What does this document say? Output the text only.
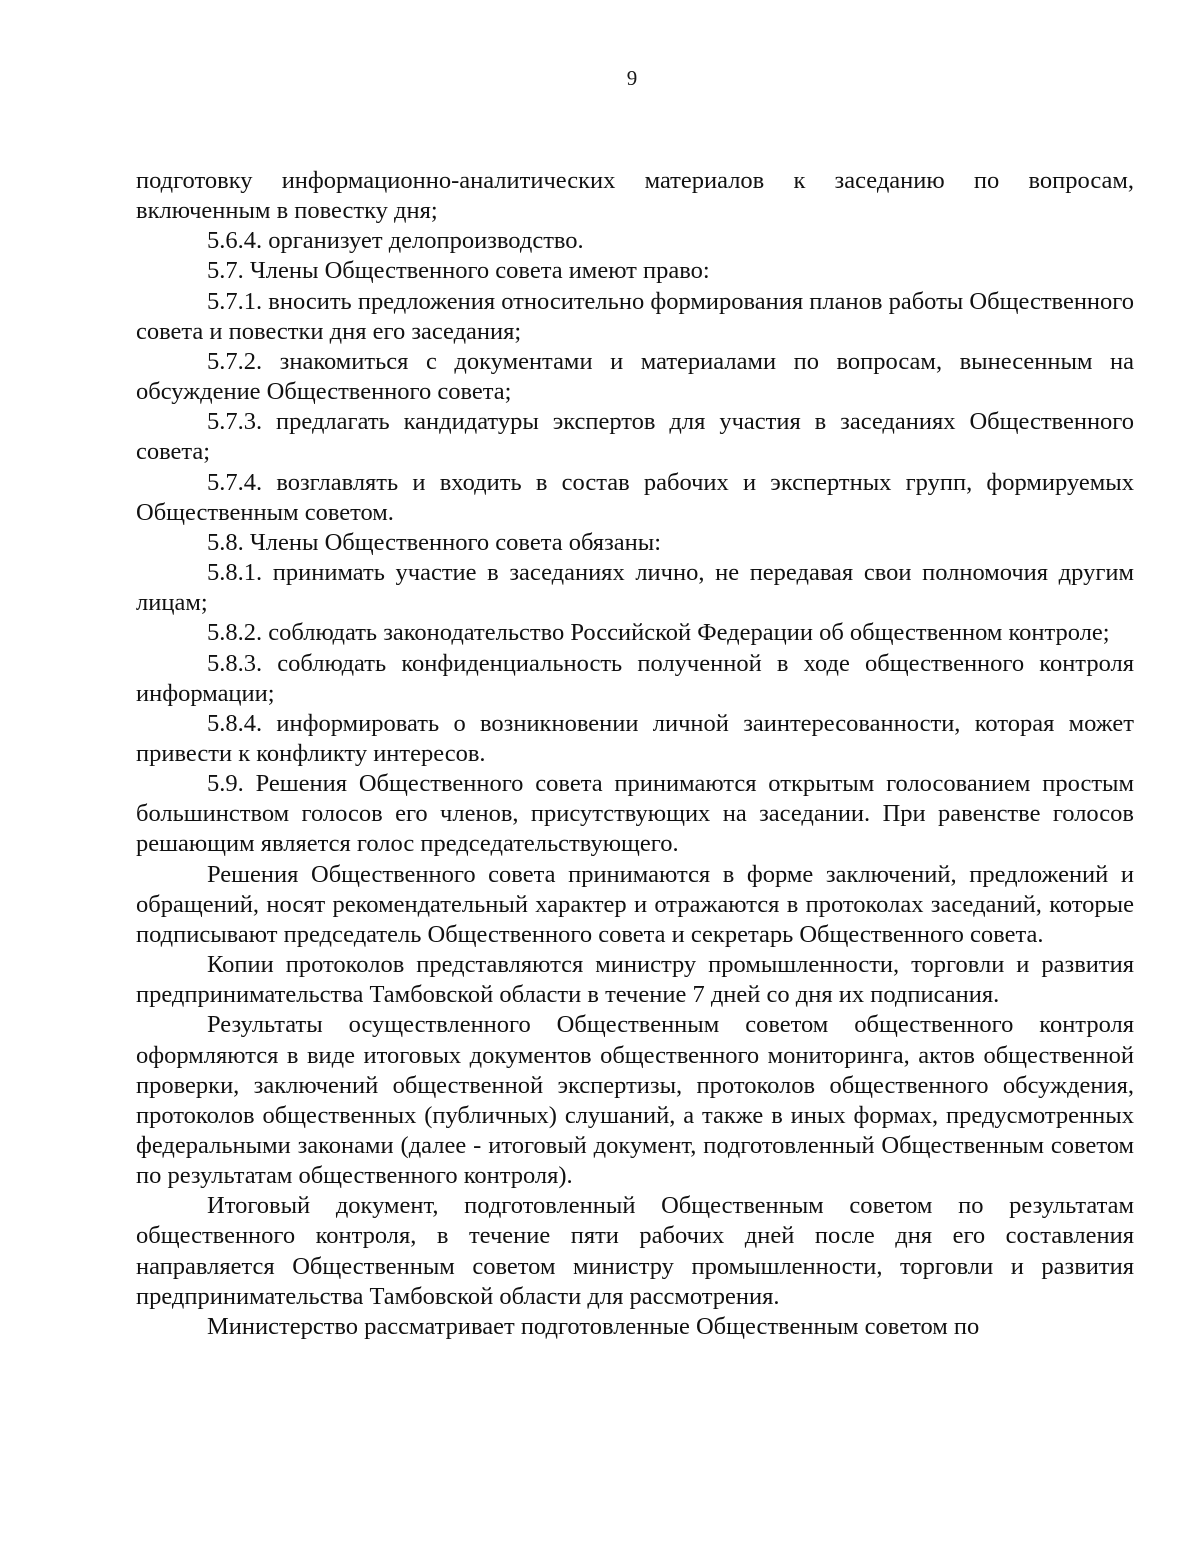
9

подготовку информационно-аналитических материалов к заседанию по вопросам, включенным в повестку дня;

5.6.4. организует делопроизводство.

5.7. Члены Общественного совета имеют право:

5.7.1. вносить предложения относительно формирования планов работы Общественного совета и повестки дня его заседания;

5.7.2. знакомиться с документами и материалами по вопросам, вынесенным на обсуждение Общественного совета;

5.7.3. предлагать кандидатуры экспертов для участия в заседаниях Общественного совета;

5.7.4. возглавлять и входить в состав рабочих и экспертных групп, формируемых Общественным советом.

5.8. Члены Общественного совета обязаны:

5.8.1. принимать участие в заседаниях лично, не передавая свои полномочия другим лицам;

5.8.2. соблюдать законодательство Российской Федерации об общественном контроле;

5.8.3. соблюдать конфиденциальность полученной в ходе общественного контроля информации;

5.8.4. информировать о возникновении личной заинтересованности, которая может привести к конфликту интересов.

5.9. Решения Общественного совета принимаются открытым голосованием простым большинством голосов его членов, присутствующих на заседании. При равенстве голосов решающим является голос председательствующего.

Решения Общественного совета принимаются в форме заключений, предложений и обращений, носят рекомендательный характер и отражаются в протоколах заседаний, которые подписывают председатель Общественного совета и секретарь Общественного совета.

Копии протоколов представляются министру промышленности, торговли и развития предпринимательства Тамбовской области в течение 7 дней со дня их подписания.

Результаты осуществленного Общественным советом общественного контроля оформляются в виде итоговых документов общественного мониторинга, актов общественной проверки, заключений общественной экспертизы, протоколов общественного обсуждения, протоколов общественных (публичных) слушаний, а также в иных формах, предусмотренных федеральными законами (далее - итоговый документ, подготовленный Общественным советом по результатам общественного контроля).

Итоговый документ, подготовленный Общественным советом по результатам общественного контроля, в течение пяти рабочих дней после дня его составления направляется Общественным советом министру промышленности, торговли и развития предпринимательства Тамбовской области для рассмотрения.

Министерство рассматривает подготовленные Общественным советом по
